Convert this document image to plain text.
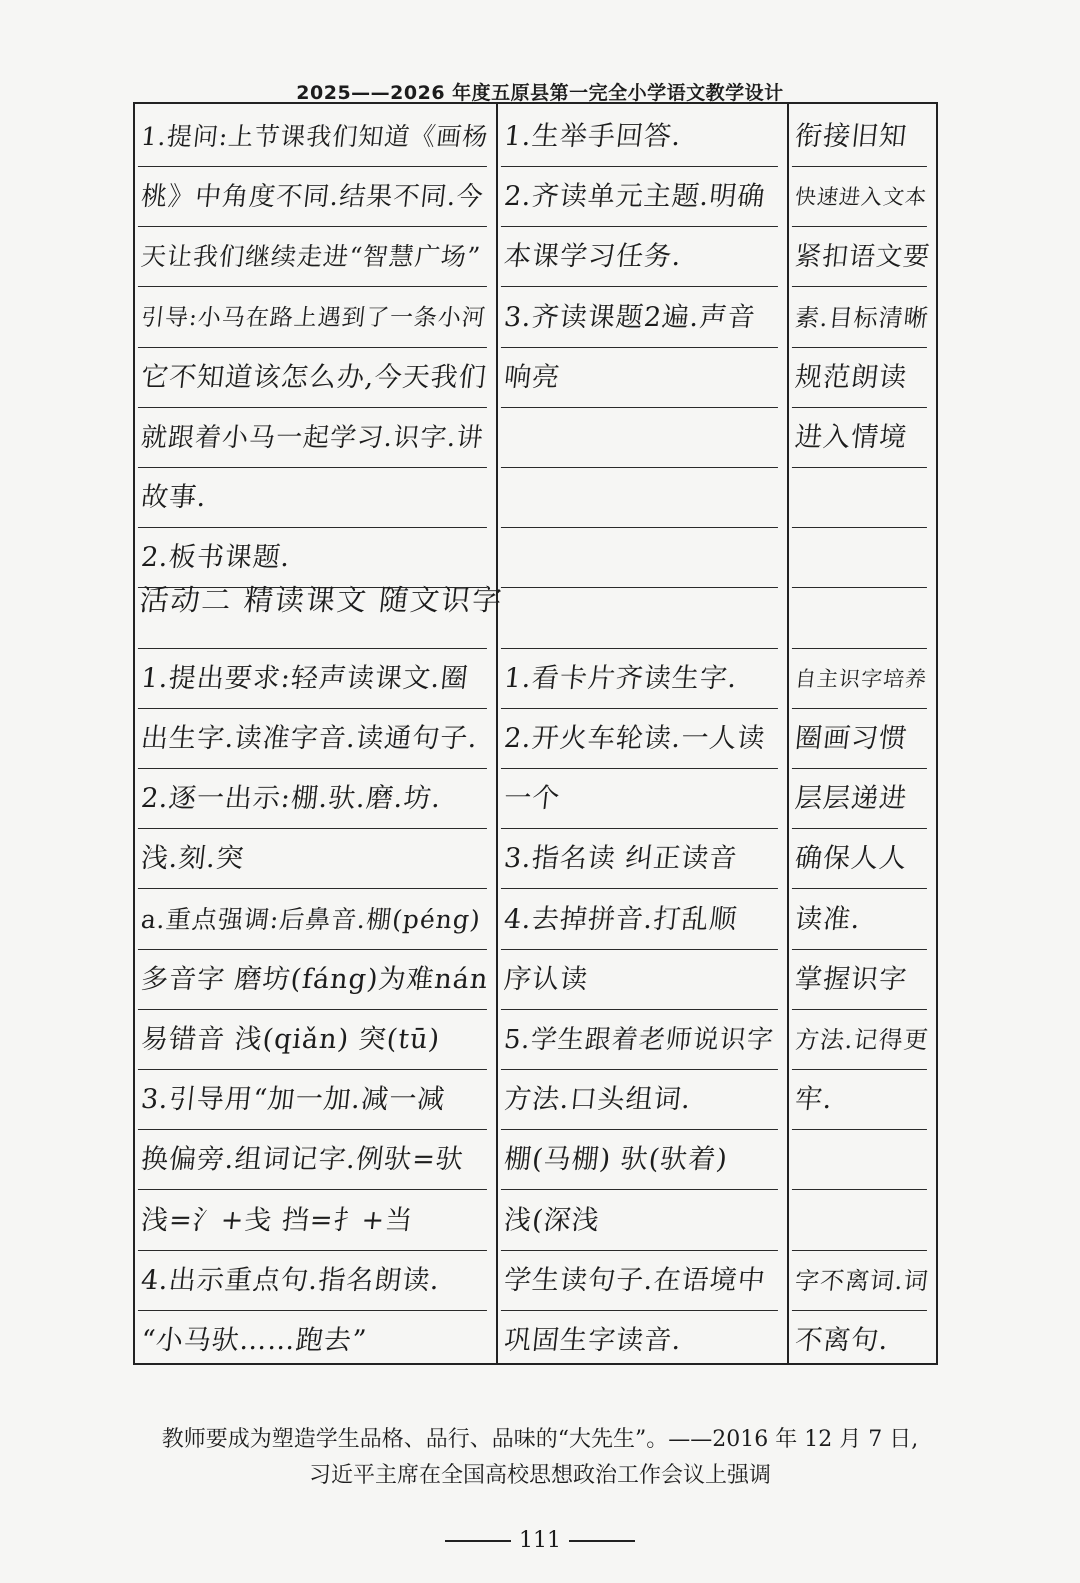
2025——2026 年度五原县第一完全小学语文教学设计
1.提问:上节课我们知道《画杨
桃》中角度不同.结果不同.今
天让我们继续走进“智慧广场”
引导:小马在路上遇到了一条小河
它不知道该怎么办,今天我们
就跟着小马一起学习.识字.讲
故事.
2.板书课题.
1.提出要求:轻声读课文.圈
出生字.读准字音.读通句子.
2.逐一出示:棚.驮.磨.坊.
浅.刻.突
a.重点强调:后鼻音.棚(péng)
多音字 磨坊(fáng)为难nán
易错音 浅(qiǎn) 突(tū)
3.引导用“加一加.减一减
换偏旁.组词记字.例驮=驮
浅=氵+戋 挡=扌+当
4.出示重点句.指名朗读.
“小马驮……跑去”
1.生举手回答.
2.齐读单元主题.明确
本课学习任务.
3.齐读课题2遍.声音
响亮
1.看卡片齐读生字.
2.开火车轮读.一人读
一个
3.指名读 纠正读音
4.去掉拼音.打乱顺
序认读
5.学生跟着老师说识字
方法.口头组词.
棚(马棚) 驮(驮着)
浅(深浅
学生读句子.在语境中
巩固生字读音.
衔接旧知
快速进入文本
紧扣语文要
素.目标清晰
规范朗读
进入情境
自主识字培养
圈画习惯
层层递进
确保人人
读准.
掌握识字
方法.记得更
牢.
字不离词.词
不离句.
活动二 精读课文 随文识字
教师要成为塑造学生品格、品行、品味的“大先生”。——2016 年 12 月 7 日,
习近平主席在全国高校思想政治工作会议上强调
111
